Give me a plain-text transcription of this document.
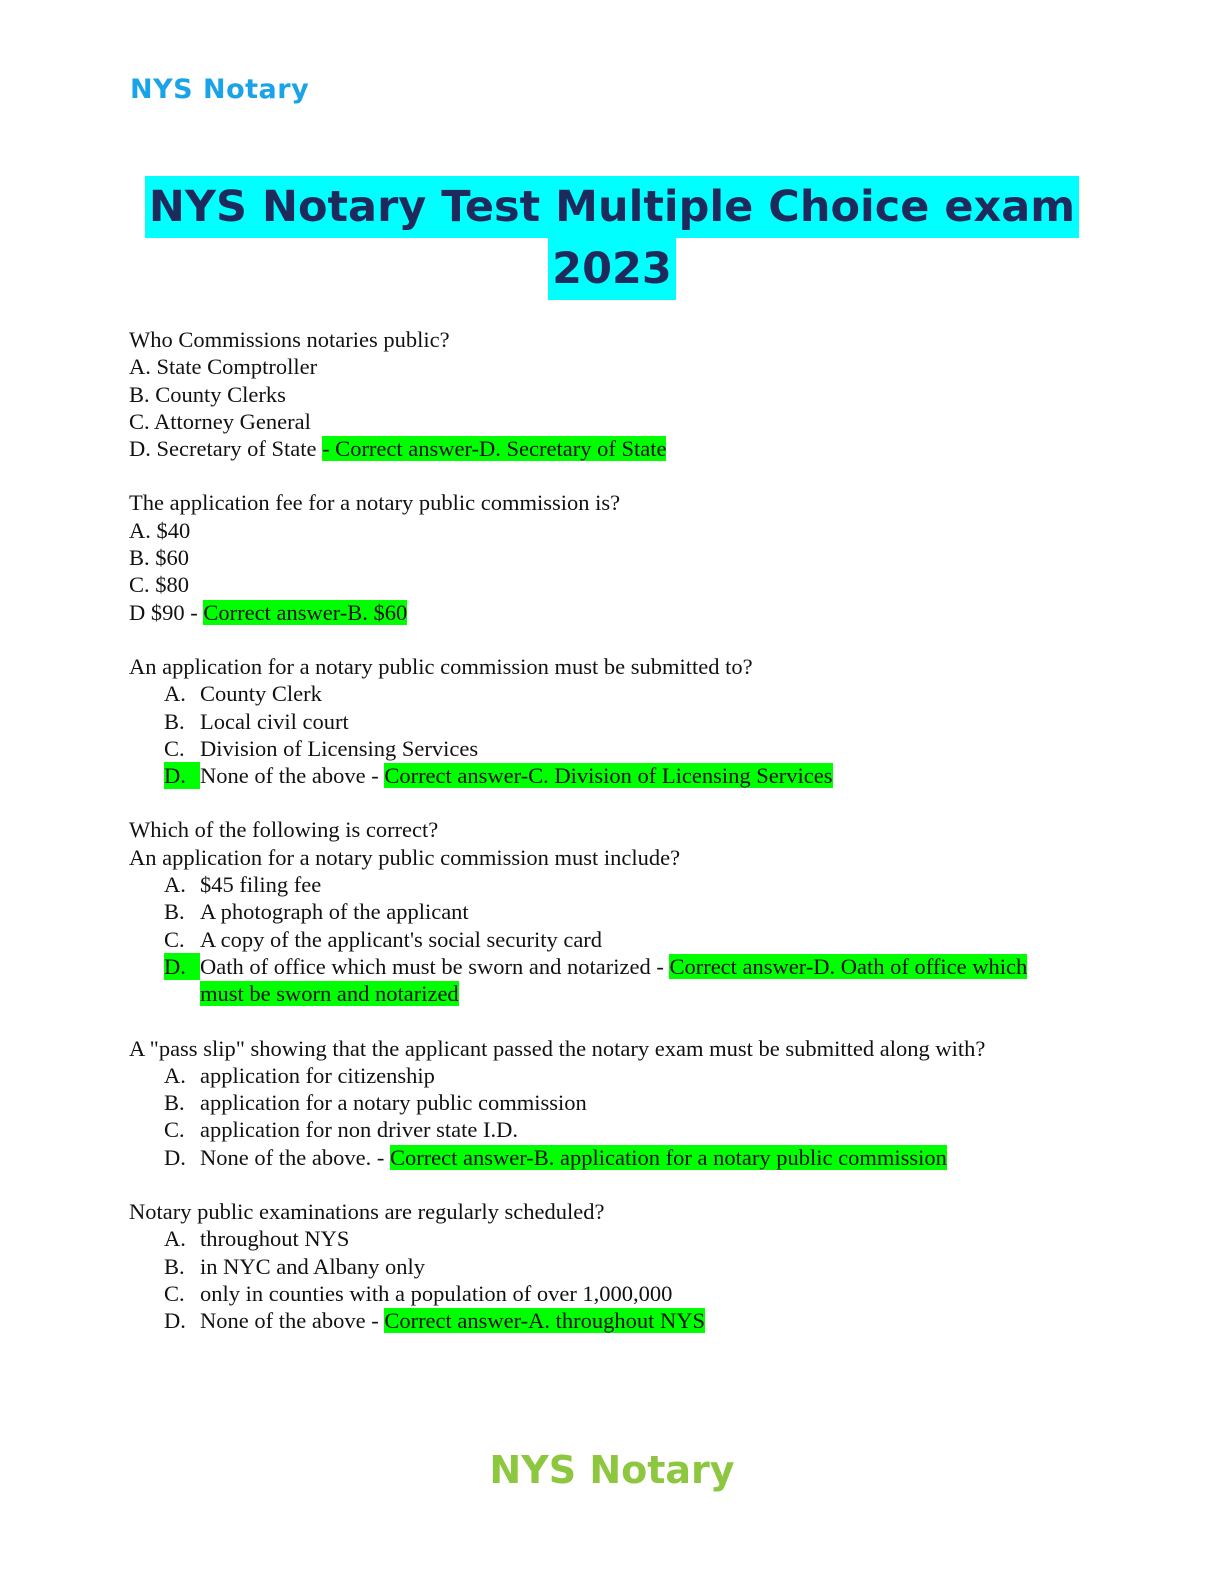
NYS Notary
NYS Notary Test Multiple Choice exam
2023
Who Commissions notaries public?
A. State Comptroller
B. County Clerks
C. Attorney General
D. Secretary of State - Correct answer-D. Secretary of State
The application fee for a notary public commission is?
A. $40
B. $60
C. $80
D $90 - Correct answer-B. $60
An application for a notary public commission must be submitted to?
A. County Clerk
B. Local civil court
C. Division of Licensing Services
D. None of the above - Correct answer-C. Division of Licensing Services
Which of the following is correct?
An application for a notary public commission must include?
A. $45 filing fee
B. A photograph of the applicant
C. A copy of the applicant's social security card
D. Oath of office which must be sworn and notarized - Correct answer-D. Oath of office which
must be sworn and notarized
A "pass slip" showing that the applicant passed the notary exam must be submitted along with?
A. application for citizenship
B. application for a notary public commission
C. application for non driver state I.D.
D. None of the above. - Correct answer-B. application for a notary public commission
Notary public examinations are regularly scheduled?
A. throughout NYS
B. in NYC and Albany only
C. only in counties with a population of over 1,000,000
D. None of the above - Correct answer-A. throughout NYS
NYS Notary
